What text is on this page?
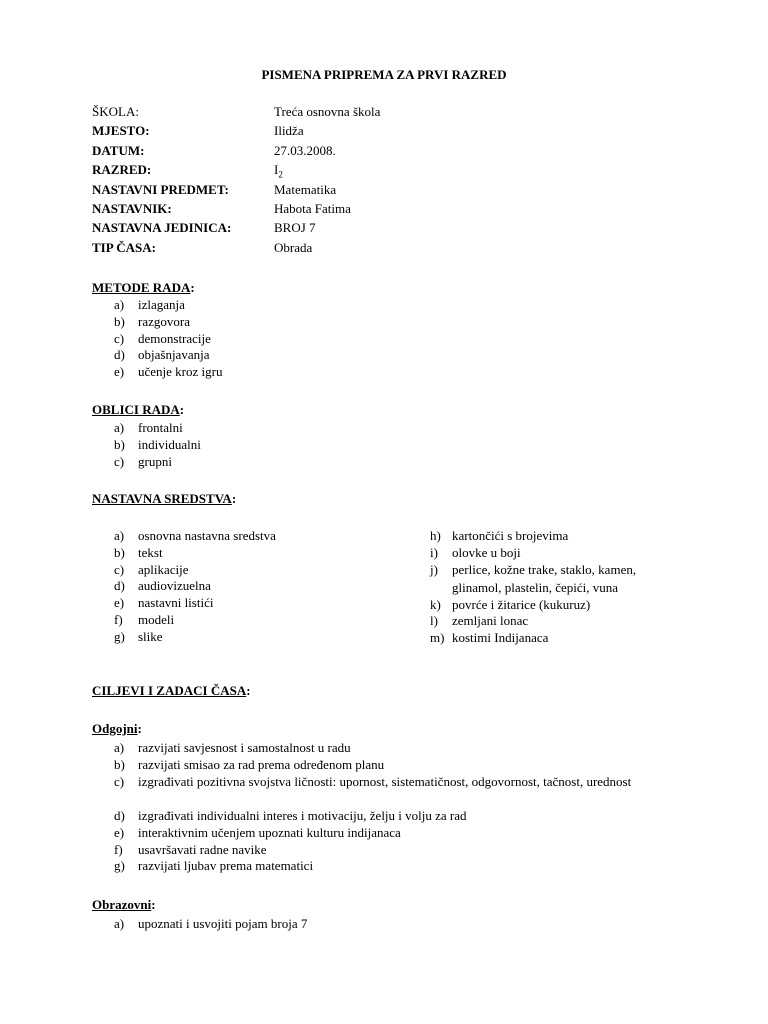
PISMENA PRIPREMA ZA PRVI RAZRED
ŠKOLA:	Treća osnovna škola
MJESTO:	Ilidža
DATUM:	27.03.2008.
RAZRED:	$I_2$
NASTAVNI PREDMET:	Matematika
NASTAVNIK:	Habota Fatima
NASTAVNA JEDINICA:	BROJ 7
TIP ČASA:	Obrada
METODE RADA:
a) izlaganja
b) razgovora
c) demonstracije
d) objašnjavanja
e) učenje kroz igru
OBLICI RADA:
a) frontalni
b) individualni
c) grupni
NASTAVNA SREDSTVA:
a) osnovna nastavna sredstva
b) tekst
c) aplikacije
d) audiovizuelna
e) nastavni listići
f) modeli
g) slike
h) kartončići s brojevima
i) olovke u boji
j) perlice, kožne trake, staklo, kamen,
glinamol, plastelin, čepići, vuna
k) povrće i žitarice (kukuruz)
l) zemljani lonac
m) kostimi Indijanaca
CILJEVI I ZADACI ČASA:
Odgojni:
a) razvijati savjesnost i samostalnost u radu
b) razvijati smisao za rad prema određenom planu
c) izgrađivati pozitivna svojstva ličnosti: upornost, sistematičnost, odgovornost, tačnost, urednost
d) izgrađivati individualni interes i motivaciju, želju i volju za rad
e) interaktivnim učenjem upoznati kulturu indijanaca
f) usavršavati radne navike
g) razvijati ljubav prema matematici
Obrazovni:
a) upoznati i usvojiti pojam broja 7
